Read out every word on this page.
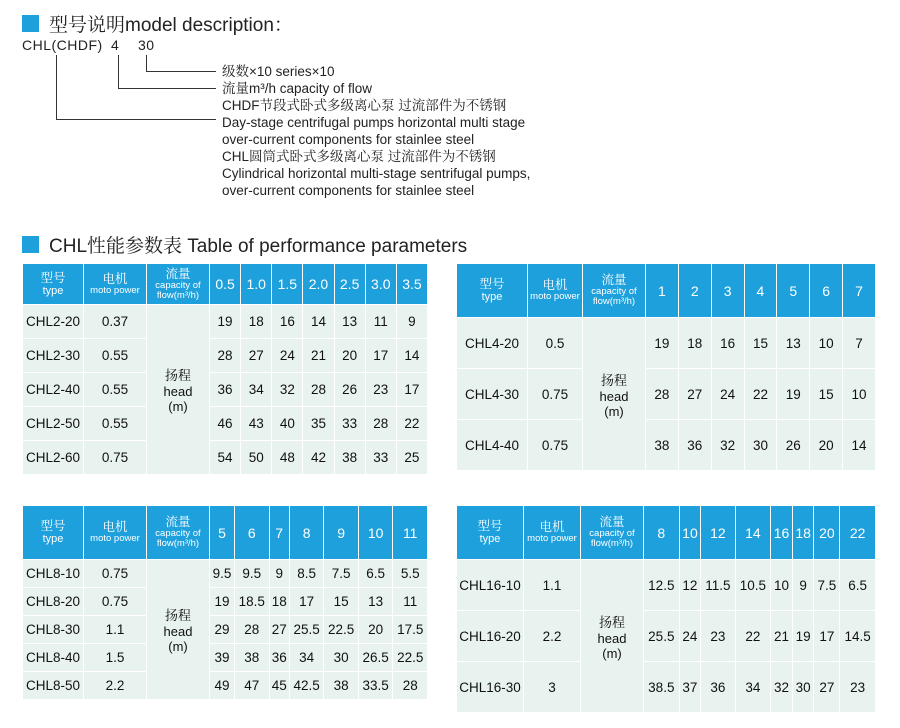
型号说明model description：
CHL(CHDF) 4 30
级数×10 series×10
流量m³/h capacity of flow
CHDF节段式卧式多级离心泵 过流部件为不锈钢
Day-stage centrifugal pumps horizontal multi stage
over-current components for stainlee steel
CHL圆筒式卧式多级离心泵 过流部件为不锈钢
Cylindrical horizontal multi-stage sentrifugal pumps,
over-current components for stainlee steel
CHL性能参数表 Table of performance parameters
型号
type	电机
moto power	流量
capacity of
flow(m³/h)	0.5	1.0	1.5	2.0	2.5	3.0	3.5
CHL2-20	0.37	扬程
head
(m)	19	18	16	14	13	11	9
CHL2-30	0.55		28	27	24	21	20	17	14
CHL2-40	0.55		36	34	32	28	26	23	17
CHL2-50	0.55		46	43	40	35	33	28	22
CHL2-60	0.75		54	50	48	42	38	33	25
型号
type	电机
moto power	流量
capacity of
flow(m³/h)	1	2	3	4	5	6	7
CHL4-20	0.5	扬程
head
(m)	19	18	16	15	13	10	7
CHL4-30	0.75		28	27	24	22	19	15	10
CHL4-40	0.75		38	36	32	30	26	20	14
型号
type	电机
moto power	流量
capacity of
flow(m³/h)	5	6	7	8	9	10	11
CHL8-10	0.75	扬程
head
(m)	9.5	9.5	9	8.5	7.5	6.5	5.5
CHL8-20	0.75		19	18.5	18	17	15	13	11
CHL8-30	1.1		29	28	27	25.5	22.5	20	17.5
CHL8-40	1.5		39	38	36	34	30	26.5	22.5
CHL8-50	2.2		49	47	45	42.5	38	33.5	28
型号
type	电机
moto power	流量
capacity of
flow(m³/h)	8	10	12	14	16	18	20	22
CHL16-10	1.1	扬程
head
(m)	12.5	12	11.5	10.5	10	9	7.5	6.5
CHL16-20	2.2		25.5	24	23	22	21	19	17	14.5
CHL16-30	3		38.5	37	36	34	32	30	27	23
